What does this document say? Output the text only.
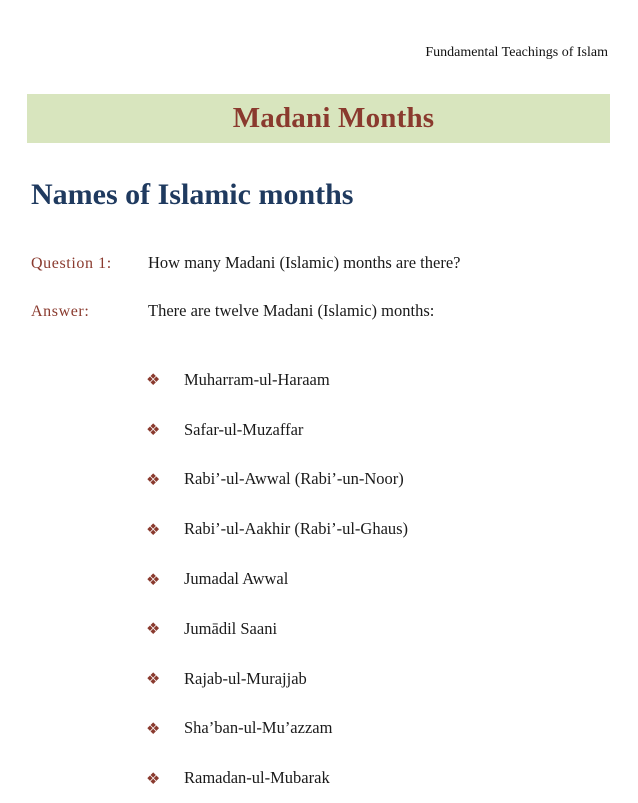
Fundamental Teachings of Islam
Madani Months
Names of Islamic months
Question 1:	How many Madani (Islamic) months are there?
Answer:	There are twelve Madani (Islamic) months:
❖	Muharram-ul-Haraam
❖	Safar-ul-Muzaffar
❖	Rabi’-ul-Awwal (Rabi’-un-Noor)
❖	Rabi’-ul-Aakhir (Rabi’-ul-Ghaus)
❖	Jumadal Awwal
❖	Jumādil Saani
❖	Rajab-ul-Murajjab
❖	Sha’ban-ul-Mu’azzam
❖	Ramadan-ul-Mubarak
